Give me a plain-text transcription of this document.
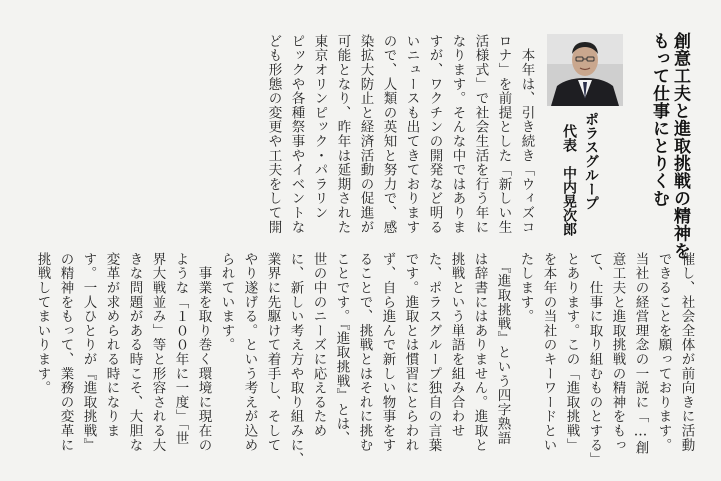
創意工夫と進取挑戦の精神を
もって仕事にとりくむ
ポラスグループ
代表　中内晃次郎
　本年は、引き続き「ウィズコ
ロナ」を前提とした「新しい生
活様式」で社会生活を行う年に
なります。そんな中ではありま
すが、ワクチンの開発など明る
いニュースも出てきております
ので、人類の英知と努力で、感
染拡大防止と経済活動の促進が
可能となり、昨年は延期された
東京オリンピック・パラリン
ピックや各種祭事やイベントな
ども形態の変更や工夫をして開
催し、社会全体が前向きに活動
できることを願っております。
当社の経営理念の一説に「…創
意工夫と進取挑戦の精神をもっ
て、仕事に取り組むものとする」
とあります。この「進取挑戦」
を本年の当社のキーワードとい
たします。
　『進取挑戦』という四字熟語
は辞書にはありません。進取と
挑戦という単語を組み合わせ
た、ポラスグループ独自の言葉
です。進取とは慣習にとらわれ
ず、自ら進んで新しい物事をす
ることで、挑戦とはそれに挑む
ことです。『進取挑戦』とは、
世の中のニーズに応えるため
に、新しい考え方や取り組みに、
業界に先駆けて着手し、そして
やり遂げる。という考えが込め
られています。
　事業を取り巻く環境に現在の
ような「１００年に一度」「世
界大戦並み」等と形容される大
きな問題がある時こそ、大胆な
変革が求められる時になりま
す。一人ひとりが『進取挑戦』
の精神をもって、業務の変革に
挑戦してまいります。
